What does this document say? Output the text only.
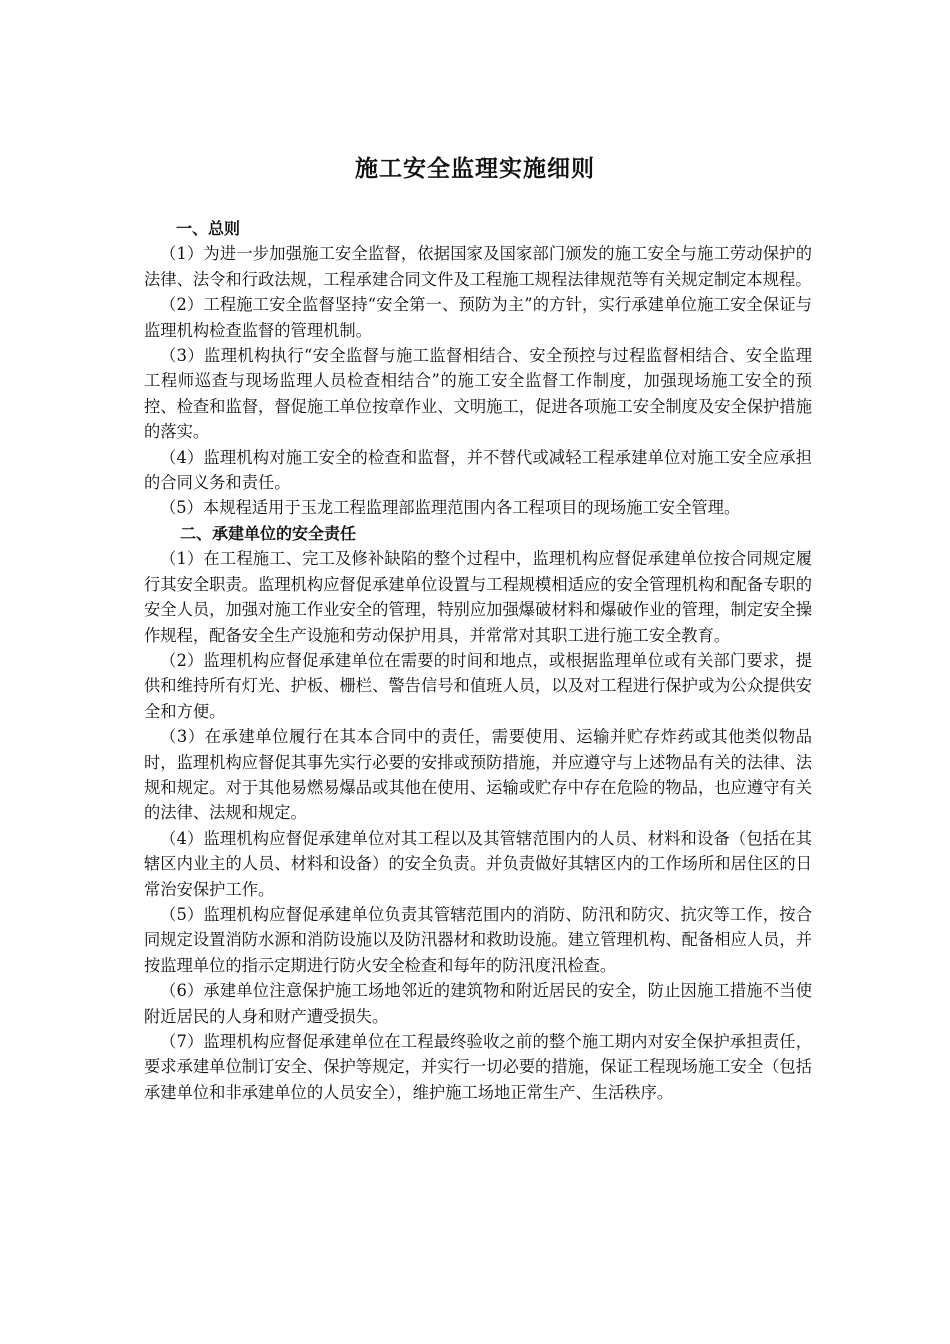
施工安全监理实施细则

一、总则

（1）为进一步加强施工安全监督，依据国家及国家部门颁发的施工安全与施工劳动保护的法律、法令和行政法规，工程承建合同文件及工程施工规程法律规范等有关规定制定本规程。

（2）工程施工安全监督坚持“安全第一、预防为主”的方针，实行承建单位施工安全保证与监理机构检查监督的管理机制。

（3）监理机构执行“安全监督与施工监督相结合、安全预控与过程监督相结合、安全监理工程师巡查与现场监理人员检查相结合”的施工安全监督工作制度，加强现场施工安全的预控、检查和监督，督促施工单位按章作业、文明施工，促进各项施工安全制度及安全保护措施的落实。

（4）监理机构对施工安全的检查和监督，并不替代或减轻工程承建单位对施工安全应承担的合同义务和责任。

（5）本规程适用于玉龙工程监理部监理范围内各工程项目的现场施工安全管理。

二、承建单位的安全责任

（1）在工程施工、完工及修补缺陷的整个过程中，监理机构应督促承建单位按合同规定履行其安全职责。监理机构应督促承建单位设置与工程规模相适应的安全管理机构和配备专职的安全人员，加强对施工作业安全的管理，特别应加强爆破材料和爆破作业的管理，制定安全操作规程，配备安全生产设施和劳动保护用具，并常常对其职工进行施工安全教育。

（2）监理机构应督促承建单位在需要的时间和地点，或根据监理单位或有关部门要求，提供和维持所有灯光、护板、栅栏、警告信号和值班人员，以及对工程进行保护或为公众提供安全和方便。

（3）在承建单位履行在其本合同中的责任，需要使用、运输并贮存炸药或其他类似物品时，监理机构应督促其事先实行必要的安排或预防措施，并应遵守与上述物品有关的法律、法规和规定。对于其他易燃易爆品或其他在使用、运输或贮存中存在危险的物品，也应遵守有关的法律、法规和规定。

（4）监理机构应督促承建单位对其工程以及其管辖范围内的人员、材料和设备（包括在其辖区内业主的人员、材料和设备）的安全负责。并负责做好其辖区内的工作场所和居住区的日常治安保护工作。

（5）监理机构应督促承建单位负责其管辖范围内的消防、防汛和防灾、抗灾等工作，按合同规定设置消防水源和消防设施以及防汛器材和救助设施。建立管理机构、配备相应人员，并按监理单位的指示定期进行防火安全检查和每年的防汛度汛检查。

（6）承建单位注意保护施工场地邻近的建筑物和附近居民的安全，防止因施工措施不当使附近居民的人身和财产遭受损失。

（7）监理机构应督促承建单位在工程最终验收之前的整个施工期内对安全保护承担责任，要求承建单位制订安全、保护等规定，并实行一切必要的措施，保证工程现场施工安全（包括承建单位和非承建单位的人员安全），维护施工场地正常生产、生活秩序。
